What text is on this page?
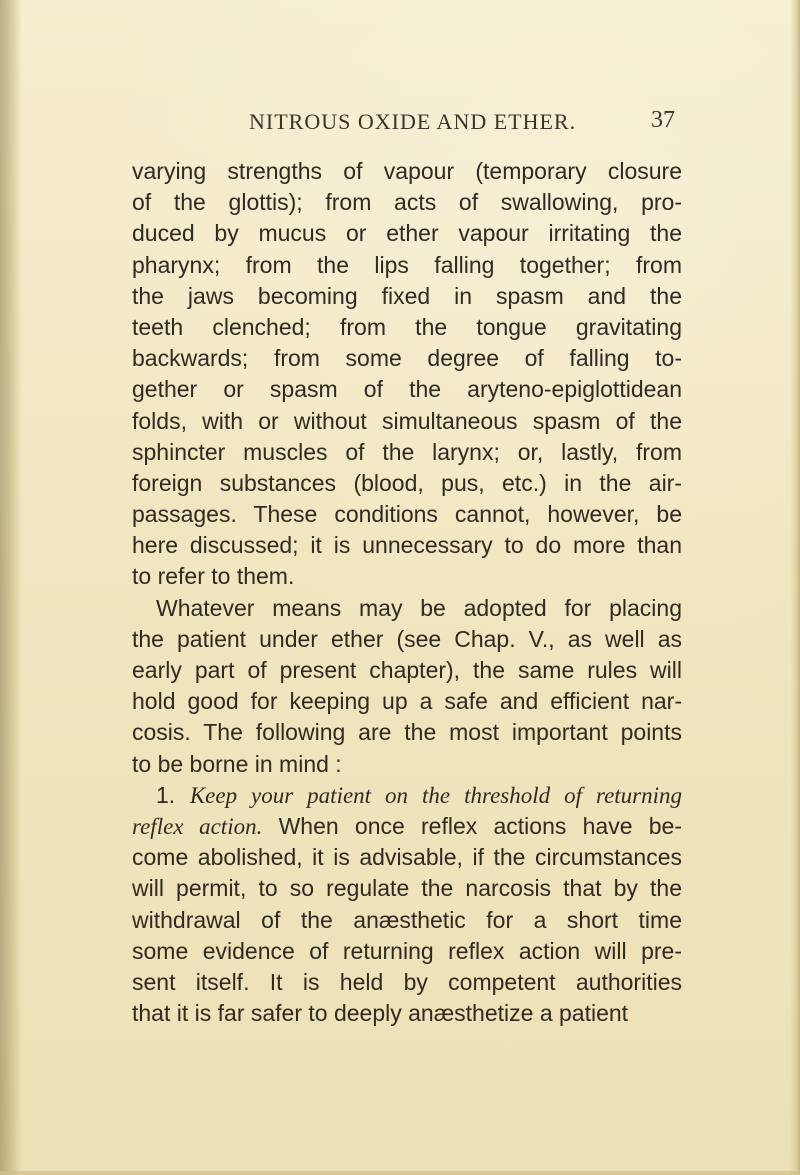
NITROUS OXIDE AND ETHER.	37
varying strengths of vapour (temporary closure
of the glottis); from acts of swallowing, pro-
duced by mucus or ether vapour irritating the
pharynx; from the lips falling together; from
the jaws becoming fixed in spasm and the
teeth clenched; from the tongue gravitating
backwards; from some degree of falling to-
gether or spasm of the aryteno-epiglottidean
folds, with or without simultaneous spasm of the
sphincter muscles of the larynx; or, lastly, from
foreign substances (blood, pus, etc.) in the air-
passages. These conditions cannot, however, be
here discussed; it is unnecessary to do more than
to refer to them.
Whatever means may be adopted for placing
the patient under ether (see Chap. V., as well as
early part of present chapter), the same rules will
hold good for keeping up a safe and efficient nar-
cosis. The following are the most important points
to be borne in mind :
1. Keep your patient on the threshold of returning
reflex action. When once reflex actions have be-
come abolished, it is advisable, if the circumstances
will permit, to so regulate the narcosis that by the
withdrawal of the anæsthetic for a short time
some evidence of returning reflex action will pre-
sent itself. It is held by competent authorities
that it is far safer to deeply anæsthetize a patient
